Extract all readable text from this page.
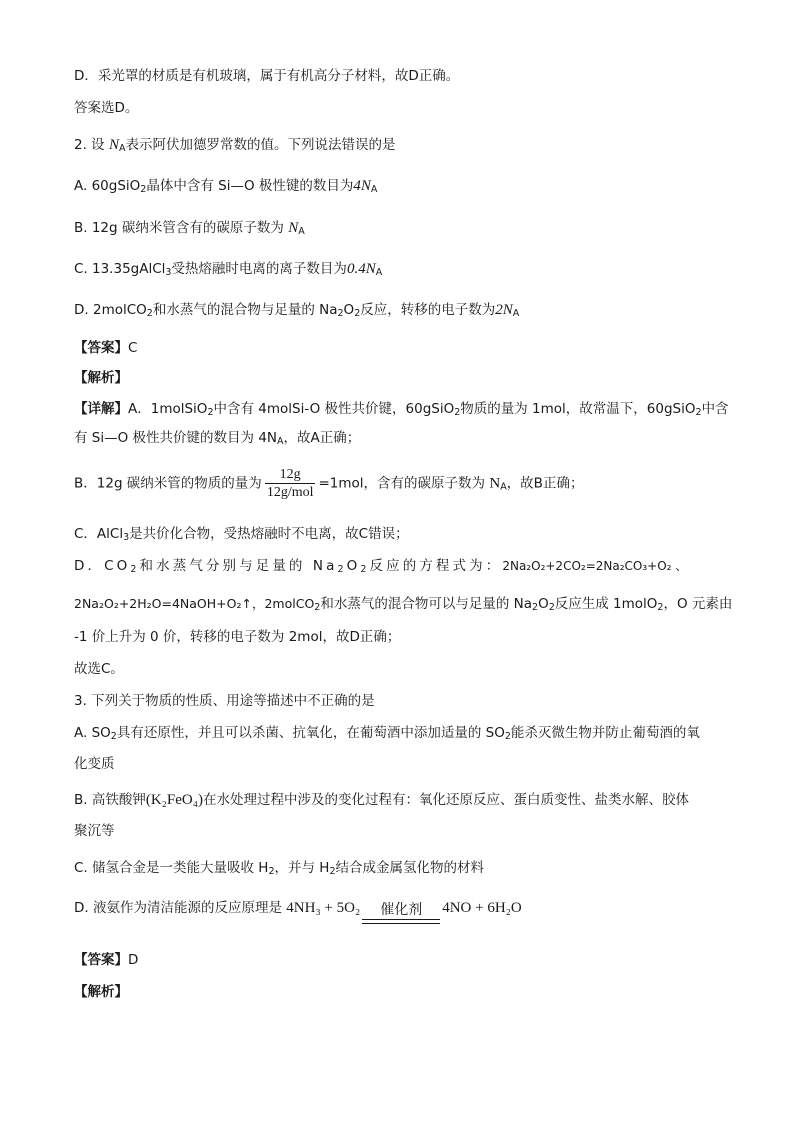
D．采光罩的材质是有机玻璃，属于有机高分子材料，故D正确。
答案选D。
2. 设 $N_A$表示阿伏加德罗常数的值。下列说法错误的是
A. 60gSiO$_2$晶体中含有 Si—O 极性键的数目为$4N_A$
B. 12g 碳纳米管含有的碳原子数为 $N_A$
C. 13.35gAlCl$_3$受热熔融时电离的离子数目为$0.4N_A$
D. 2molCO$_2$和水蒸气的混合物与足量的 $Na_2O_2$反应，转移的电子数为$2N_A$
【答案】C
【解析】
【详解】A．1molSiO$_2$中含有 4molSi-O 极性共价键，60gSiO$_2$物质的量为 1mol，故常温下，60gSiO$_2$中含
有 Si—O 极性共价键的数目为 $4N_A$，故A正确；
B．12g 碳纳米管的物质的量为 $\frac{12g}{\text{12g/mol}} =1mol$，含有的碳原子数为 $N_A$，故B正确；
C．AlCl$_3$是共价化合物，受热熔融时不电离，故C错误；
D．$CO_2$和水蒸气分别与足量的 $Na_2O_2$反应的方程式为：2Na₂O₂+2CO₂=2Na₂CO₃+O₂ 、
2Na₂O₂+2H₂O=4NaOH+O₂↑，2molCO$_2$和水蒸气的混合物可以与足量的 $Na_2O_2$反应生成 1molO$_2$，O 元素由
-1 价上升为 0 价，转移的电子数为 2mol，故D正确；
故选C。
3. 下列关于物质的性质、用途等描述中不正确的是
A. $SO_2$具有还原性，并且可以杀菌、抗氧化，在葡萄酒中添加适量的 $SO_2$能杀灭微生物并防止葡萄酒的氧
化变质
B. 高铁酸钾(K₂FeO₄)在水处理过程中涉及的变化过程有：氧化还原反应、蛋白质变性、盐类水解、胶体
聚沉等
C. 储氢合金是一类能大量吸收 $H_2$，并与 $H_2$结合成金属氢化物的材料
D. 液氨作为清洁能源的反应原理是 4NH₃ + 5O₂	催化剂	4NO + 6H₂O
【答案】D
【解析】
